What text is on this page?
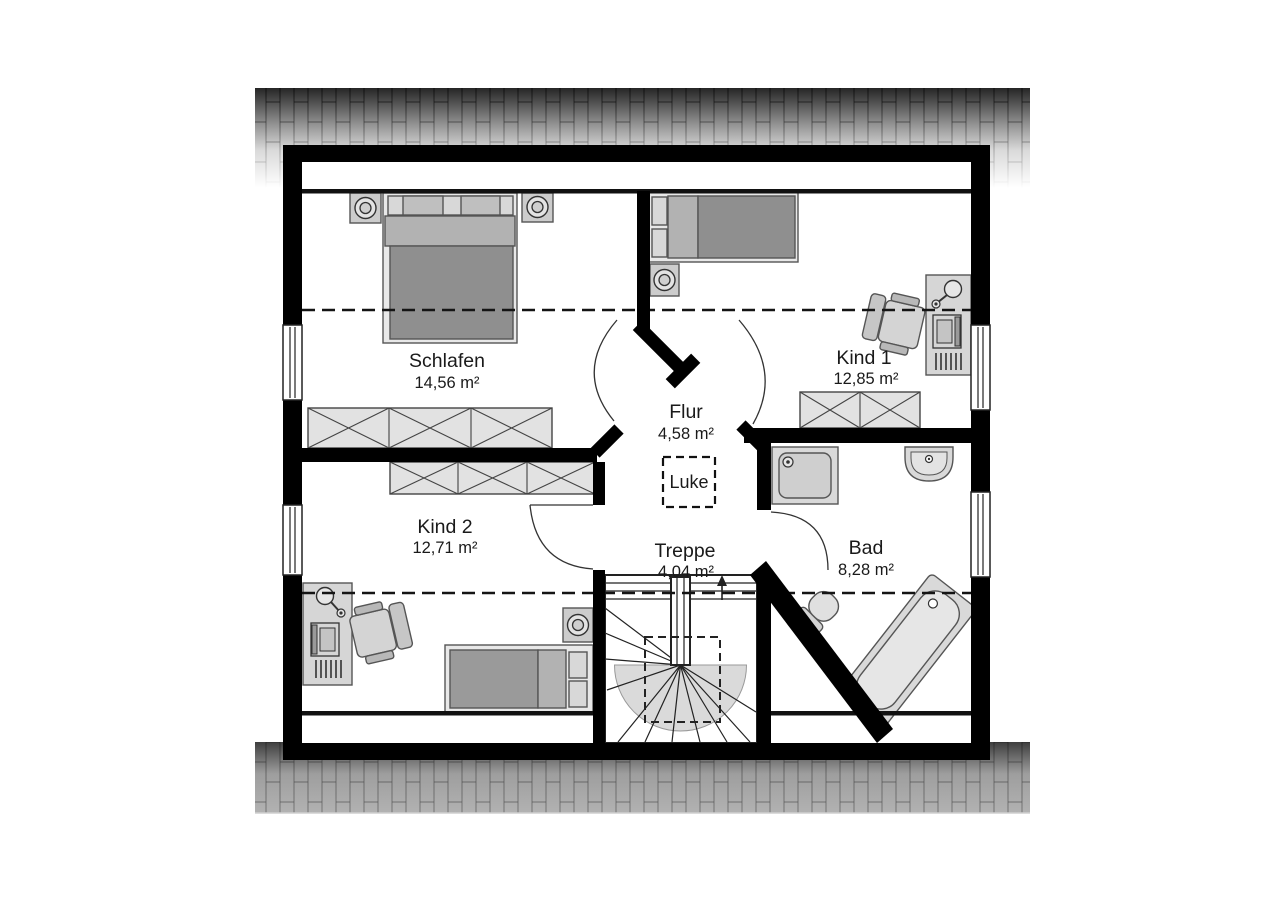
Luke
Schlafen
14,56 m²
Kind 1
12,85 m²
Flur
4,58 m²
Kind 2
12,71 m²	Bad
8,28 m²
Treppe
4,04 m²
